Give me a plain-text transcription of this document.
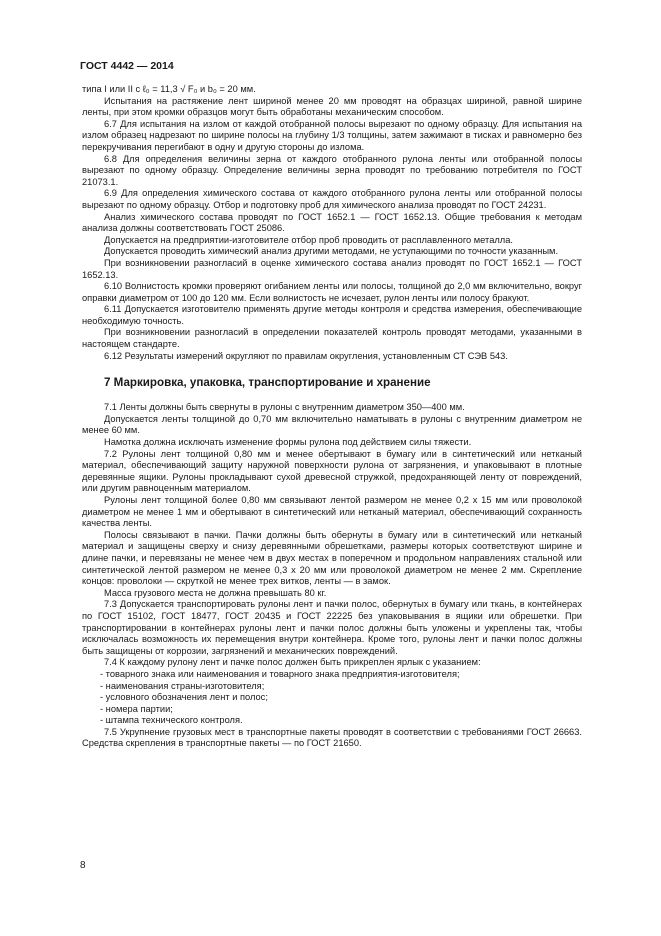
ГОСТ 4442 — 2014

типа I или II с ℓ₀ = 11,3 √ F₀ и b₀ = 20 мм.

Испытания на растяжение лент шириной менее 20 мм проводят на образцах шириной, равной ширине ленты, при этом кромки образцов могут быть обработаны механическим способом.

6.7 Для испытания на излом от каждой отобранной полосы вырезают по одному образцу. Для испытания на излом образец надрезают по ширине полосы на глубину 1/3 толщины, затем зажимают в тисках и равномерно без перекручивания перегибают в одну и другую стороны до излома.

6.8 Для определения величины зерна от каждого отобранного рулона ленты или отобранной полосы вырезают по одному образцу. Определение величины зерна проводят по требованию потребителя по ГОСТ 21073.1.

6.9 Для определения химического состава от каждого отобранного рулона ленты или отобранной полосы вырезают по одному образцу. Отбор и подготовку проб для химического анализа проводят по ГОСТ 24231.

Анализ химического состава проводят по ГОСТ 1652.1 — ГОСТ 1652.13. Общие требования к методам анализа должны соответствовать ГОСТ 25086.

Допускается на предприятии-изготовителе отбор проб проводить от расплавленного металла.

Допускается проводить химический анализ другими методами, не уступающими по точности указанным.

При возникновении разногласий в оценке химического состава анализ проводят по ГОСТ 1652.1 — ГОСТ 1652.13.

6.10 Волнистость кромки проверяют огибанием ленты или полосы, толщиной до 2,0 мм включительно, вокруг оправки диаметром от 100 до 120 мм. Если волнистость не исчезает, рулон ленты или полосу бракуют.

6.11 Допускается изготовителю применять другие методы контроля и средства измерения, обеспечивающие необходимую точность.

При возникновении разногласий в определении показателей контроль проводят методами, указанными в настоящем стандарте.

6.12 Результаты измерений округляют по правилам округления, установленным СТ СЭВ 543.

7 Маркировка, упаковка, транспортирование и хранение

7.1 Ленты должны быть свернуты в рулоны с внутренним диаметром 350—400 мм.

Допускается ленты толщиной до 0,70 мм включительно наматывать в рулоны с внутренним диаметром не менее 60 мм.

Намотка должна исключать изменение формы рулона под действием силы тяжести.

7.2 Рулоны лент толщиной 0,80 мм и менее обертывают в бумагу или в синтетический или нетканый материал, обеспечивающий защиту наружной поверхности рулона от загрязнения, и упаковывают в плотные деревянные ящики. Рулоны прокладывают сухой древесной стружкой, предохраняющей ленту от повреждений, или другим равноценным материалом.

Рулоны лент толщиной более 0,80 мм связывают лентой размером не менее 0,2 х 15 мм или проволокой диаметром не менее 1 мм и обертывают в синтетический или нетканый материал, обеспечивающий сохранность качества ленты.

Полосы связывают в пачки. Пачки должны быть обернуты в бумагу или в синтетический или нетканый материал и защищены сверху и снизу деревянными обрешетками, размеры которых соответствуют ширине и длине пачки, и перевязаны не менее чем в двух местах в поперечном и продольном направлениях стальной или синтетической лентой размером не менее 0,3 х 20 мм или проволокой диаметром не менее 2 мм. Скрепление концов: проволоки — скруткой не менее трех витков, ленты — в замок.

Масса грузового места не должна превышать 80 кг.

7.3 Допускается транспортировать рулоны лент и пачки полос, обернутых в бумагу или ткань, в контейнерах по ГОСТ 15102, ГОСТ 18477, ГОСТ 20435 и ГОСТ 22225 без упаковывания в ящики или обрешетки. При транспортировании в контейнерах рулоны лент и пачки полос должны быть уложены и укреплены так, чтобы исключалась возможность их перемещения внутри контейнера. Кроме того, рулоны лент и пачки полос должны быть защищены от коррозии, загрязнений и механических повреждений.

7.4 К каждому рулону лент и пачке полос должен быть прикреплен ярлык с указанием:

- товарного знака или наименования и товарного знака предприятия-изготовителя;

- наименования страны-изготовителя;

- условного обозначения лент и полос;

- номера партии;

- штампа технического контроля.

7.5 Укрупнение грузовых мест в транспортные пакеты проводят в соответствии с требованиями ГОСТ 26663. Средства скрепления в транспортные пакеты — по ГОСТ 21650.

8
